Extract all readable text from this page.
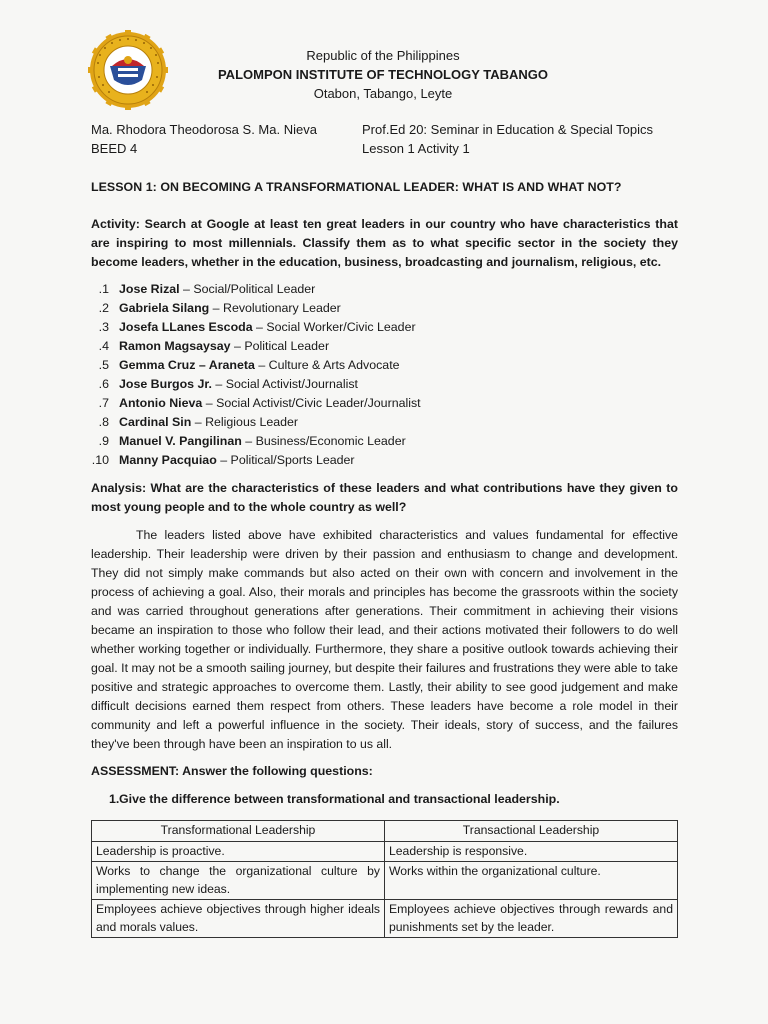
Republic of the Philippines
PALOMPON INSTITUTE OF TECHNOLOGY TABANGO
Otabon, Tabango, Leyte
Ma. Rhodora Theodorosa S. Ma. Nieva
BEED 4
Prof.Ed 20: Seminar in Education & Special Topics
Lesson 1 Activity 1
LESSON 1: ON BECOMING A TRANSFORMATIONAL LEADER: WHAT IS AND WHAT NOT?
Activity: Search at Google at least ten great leaders in our country who have characteristics that are inspiring to most millennials. Classify them as to what specific sector in the society they become leaders, whether in the education, business, broadcasting and journalism, religious, etc.
1. Jose Rizal – Social/Political Leader
2. Gabriela Silang – Revolutionary Leader
3. Josefa LLanes Escoda – Social Worker/Civic Leader
4. Ramon Magsaysay – Political Leader
5. Gemma Cruz – Araneta – Culture & Arts Advocate
6. Jose Burgos Jr. – Social Activist/Journalist
7. Antonio Nieva – Social Activist/Civic Leader/Journalist
8. Cardinal Sin – Religious Leader
9. Manuel V. Pangilinan – Business/Economic Leader
10. Manny Pacquiao – Political/Sports Leader
Analysis: What are the characteristics of these leaders and what contributions have they given to most young people and to the whole country as well?
The leaders listed above have exhibited characteristics and values fundamental for effective leadership. Their leadership were driven by their passion and enthusiasm to change and development. They did not simply make commands but also acted on their own with concern and involvement in the process of achieving a goal. Also, their morals and principles has become the grassroots within the society and was carried throughout generations after generations. Their commitment in achieving their visions became an inspiration to those who follow their lead, and their actions motivated their followers to do well whether working together or individually. Furthermore, they share a positive outlook towards achieving their goal. It may not be a smooth sailing journey, but despite their failures and frustrations they were able to take positive and strategic approaches to overcome them. Lastly, their ability to see good judgement and make difficult decisions earned them respect from others. These leaders have become a role model in their community and left a powerful influence in the society. Their ideals, story of success, and the failures they've been through have been an inspiration to us all.
ASSESSMENT: Answer the following questions:
1.Give the difference between transformational and transactional leadership.
Transformational Leadership	Transactional Leadership
Leadership is proactive.	Leadership is responsive.
Works to change the organizational culture by implementing new ideas.	Works within the organizational culture.
Employees achieve objectives through higher ideals and morals values.	Employees achieve objectives through rewards and punishments set by the leader.
